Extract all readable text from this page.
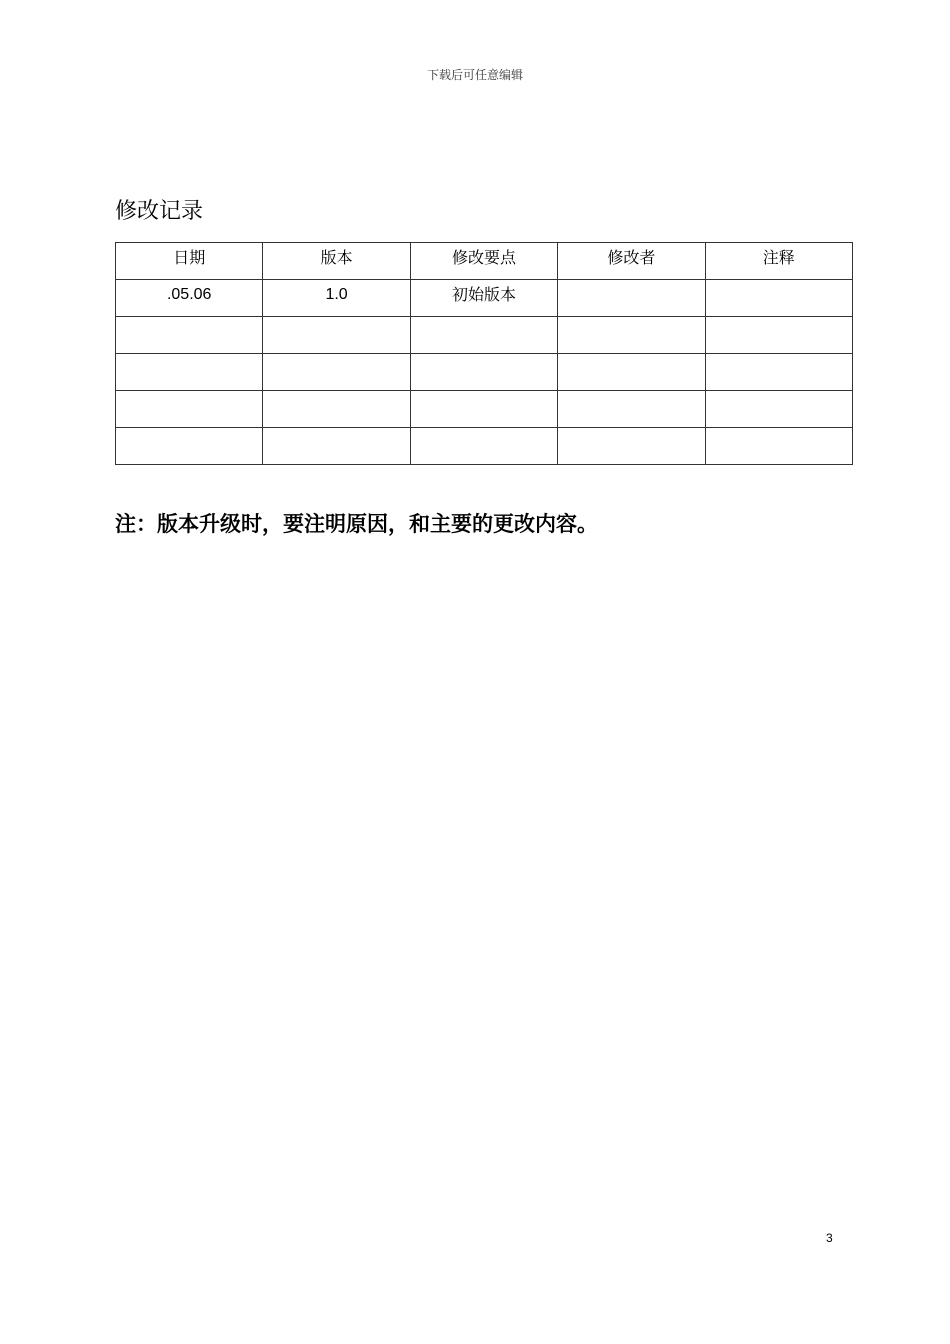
下载后可任意编辑
修改记录
日期	版本	修改要点	修改者	注释
.05.06	1.0	初始版本		

注：版本升级时，要注明原因，和主要的更改内容。

3
